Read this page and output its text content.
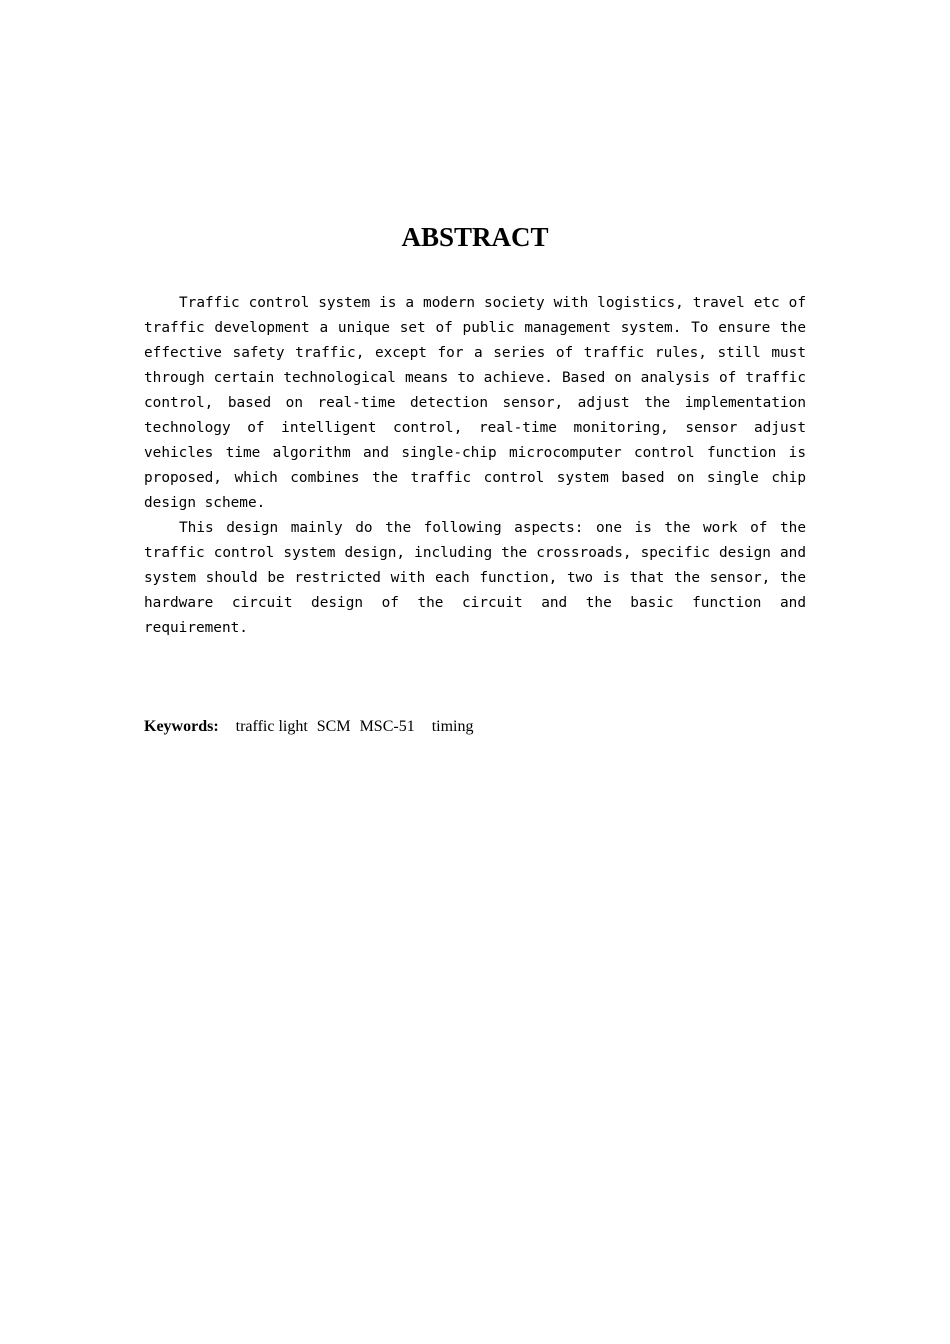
ABSTRACT

Traffic control system is a modern society with logistics, travel etc of traffic development a unique set of public management system. To ensure the effective safety traffic, except for a series of traffic rules, still must through certain technological means to achieve. Based on analysis of traffic control, based on real-time detection sensor, adjust the implementation technology of intelligent control, real-time monitoring, sensor adjust vehicles time algorithm and single-chip microcomputer control function is proposed, which combines the traffic control system based on single chip design scheme.

This design mainly do the following aspects: one is the work of the traffic control system design, including the crossroads, specific design and system should be restricted with each function, two is that the sensor, the hardware circuit design of the circuit and the basic function and requirement.

Keywords: traffic light SCM MSC-51 timing
